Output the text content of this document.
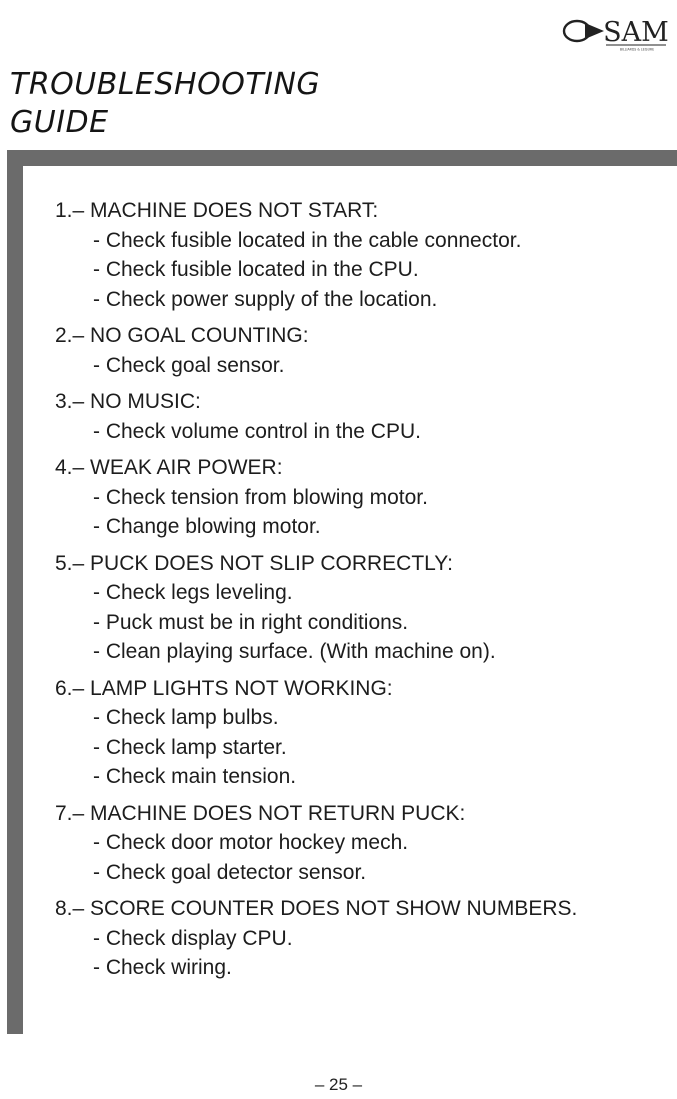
SAM
BILLIARDS & LEISURE
TROUBLESHOOTING
GUIDE

1.– MACHINE DOES NOT START:

- Check fusible located in the cable connector.

- Check fusible located in the CPU.

- Check power supply of the location.

2.– NO GOAL COUNTING:

- Check goal sensor.

3.– NO MUSIC:

- Check volume control in the CPU.

4.– WEAK AIR POWER:

- Check tension from blowing motor.

- Change blowing motor.

5.– PUCK DOES NOT SLIP CORRECTLY:

- Check legs leveling.

- Puck must be in right conditions.

- Clean playing surface. (With machine on).

6.– LAMP LIGHTS NOT WORKING:

- Check lamp bulbs.

- Check lamp starter.

- Check main tension.

7.– MACHINE DOES NOT RETURN PUCK:

- Check door motor hockey mech.

- Check goal detector sensor.

8.– SCORE COUNTER DOES NOT SHOW NUMBERS.

- Check display CPU.

- Check wiring.

– 25 –
